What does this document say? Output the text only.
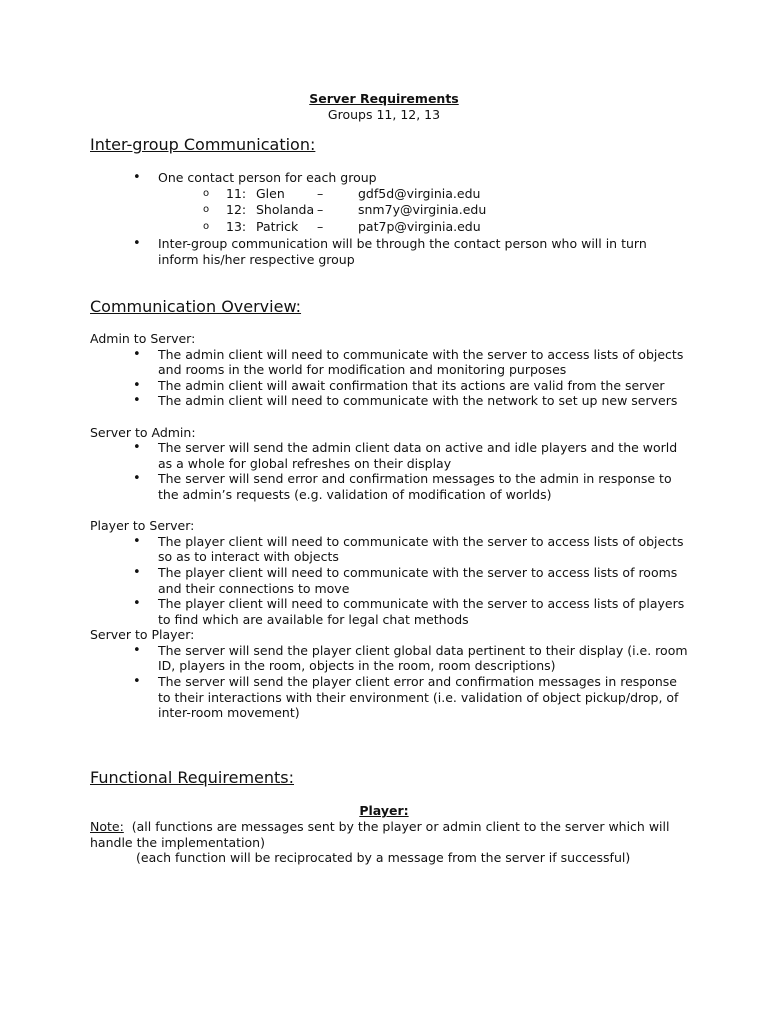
Server Requirements
Groups 11, 12, 13
Inter-group Communication:
• One contact person for each group
o 11: Glen	–	gdf5d@virginia.edu
o 12: Sholanda –	snm7y@virginia.edu
o 13: Patrick –	pat7p@virginia.edu
• Inter-group communication will be through the contact person who will in turn inform his/her respective group
Communication Overview:
Admin to Server:
• The admin client will need to communicate with the server to access lists of objects and rooms in the world for modification and monitoring purposes
• The admin client will await confirmation that its actions are valid from the server
• The admin client will need to communicate with the network to set up new servers
Server to Admin:
• The server will send the admin client data on active and idle players and the world as a whole for global refreshes on their display
• The server will send error and confirmation messages to the admin in response to the admin’s requests (e.g. validation of modification of worlds)
Player to Server:
• The player client will need to communicate with the server to access lists of objects so as to interact with objects
• The player client will need to communicate with the server to access lists of rooms and their connections to move
• The player client will need to communicate with the server to access lists of players to find which are available for legal chat methods
Server to Player:
• The server will send the player client global data pertinent to their display (i.e. room ID, players in the room, objects in the room, room descriptions)
• The server will send the player client error and confirmation messages in response to their interactions with their environment (i.e. validation of object pickup/drop, of inter-room movement)
Functional Requirements:
Player:
Note: (all functions are messages sent by the player or admin client to the server which will handle the implementation)
(each function will be reciprocated by a message from the server if successful)
